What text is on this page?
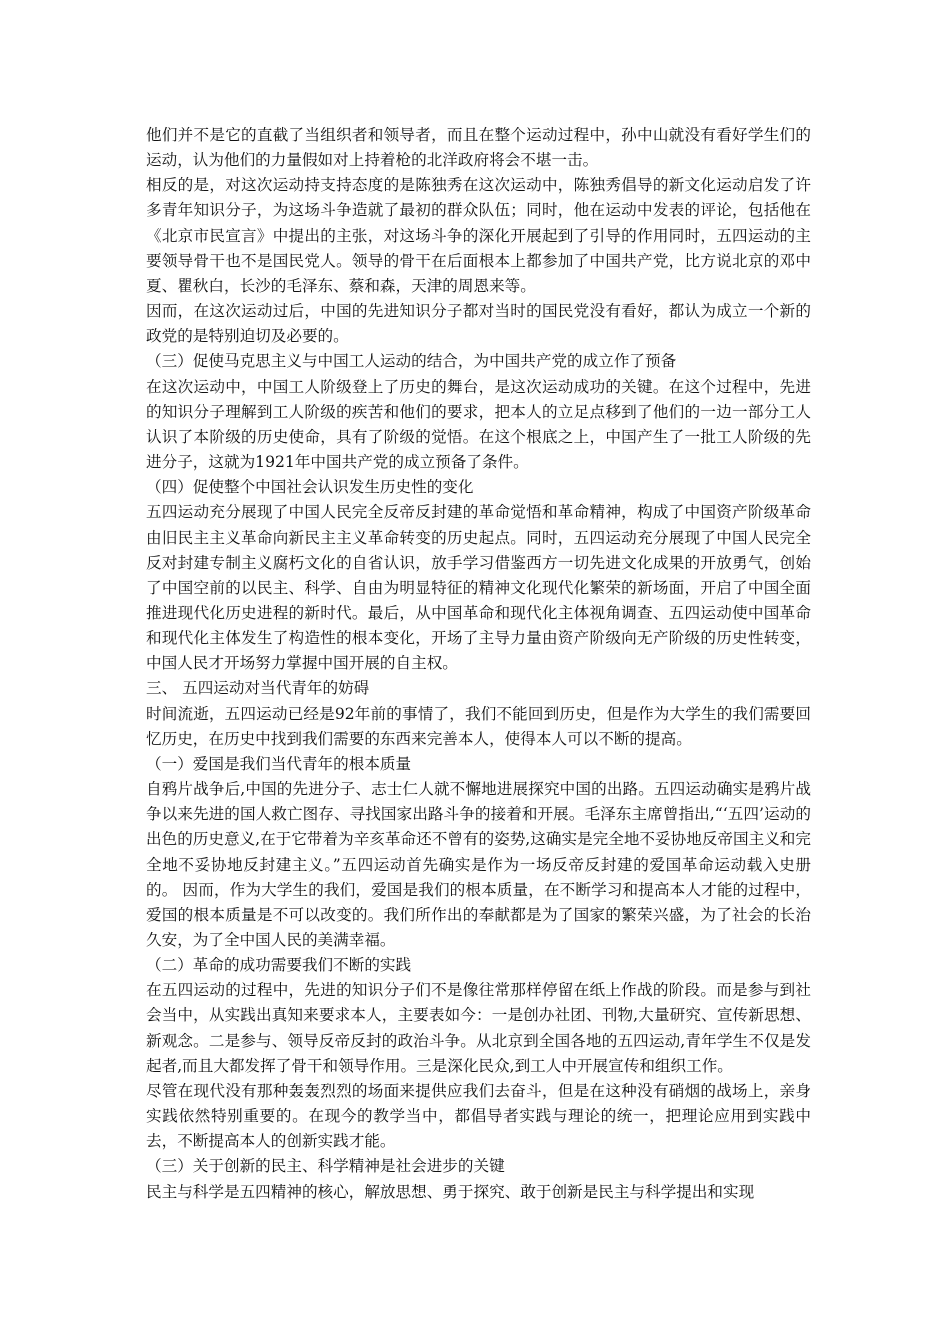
他们并不是它的直截了当组织者和领导者，而且在整个运动过程中，孙中山就没有看好学生们的运动，认为他们的力量假如对上持着枪的北洋政府将会不堪一击。

相反的是，对这次运动持支持态度的是陈独秀在这次运动中，陈独秀倡导的新文化运动启发了许多青年知识分子，为这场斗争造就了最初的群众队伍；同时，他在运动中发表的评论，包括他在《北京市民宣言》中提出的主张，对这场斗争的深化开展起到了引导的作用同时，五四运动的主要领导骨干也不是国民党人。领导的骨干在后面根本上都参加了中国共产党，比方说北京的邓中夏、瞿秋白，长沙的毛泽东、蔡和森，天津的周恩来等。

因而，在这次运动过后，中国的先进知识分子都对当时的国民党没有看好，都认为成立一个新的政党的是特别迫切及必要的。

（三）促使马克思主义与中国工人运动的结合，为中国共产党的成立作了预备

在这次运动中，中国工人阶级登上了历史的舞台，是这次运动成功的关键。在这个过程中，先进的知识分子理解到工人阶级的疾苦和他们的要求，把本人的立足点移到了他们的一边一部分工人认识了本阶级的历史使命，具有了阶级的觉悟。在这个根底之上，中国产生了一批工人阶级的先进分子，这就为1921年中国共产党的成立预备了条件。

（四）促使整个中国社会认识发生历史性的变化

五四运动充分展现了中国人民完全反帝反封建的革命觉悟和革命精神，构成了中国资产阶级革命由旧民主主义革命向新民主主义革命转变的历史起点。同时，五四运动充分展现了中国人民完全反对封建专制主义腐朽文化的自省认识，放手学习借鉴西方一切先进文化成果的开放勇气，创始了中国空前的以民主、科学、自由为明显特征的精神文化现代化繁荣的新场面，开启了中国全面推进现代化历史进程的新时代。最后，从中国革命和现代化主体视角调查、五四运动使中国革命和现代化主体发生了构造性的根本变化，开场了主导力量由资产阶级向无产阶级的历史性转变，中国人民才开场努力掌握中国开展的自主权。

三、 五四运动对当代青年的妨碍

时间流逝，五四运动已经是92年前的事情了，我们不能回到历史，但是作为大学生的我们需要回忆历史，在历史中找到我们需要的东西来完善本人，使得本人可以不断的提高。

（一）爱国是我们当代青年的根本质量

自鸦片战争后,中国的先进分子、志士仁人就不懈地进展探究中国的出路。五四运动确实是鸦片战争以来先进的国人救亡图存、寻找国家出路斗争的接着和开展。毛泽东主席曾指出,“‘五四’运动的出色的历史意义,在于它带着为辛亥革命还不曾有的姿势,这确实是完全地不妥协地反帝国主义和完全地不妥协地反封建主义。”五四运动首先确实是作为一场反帝反封建的爱国革命运动载入史册的。 因而，作为大学生的我们，爱国是我们的根本质量，在不断学习和提高本人才能的过程中，爱国的根本质量是不可以改变的。我们所作出的奉献都是为了国家的繁荣兴盛，为了社会的长治久安，为了全中国人民的美满幸福。

（二）革命的成功需要我们不断的实践

在五四运动的过程中，先进的知识分子们不是像往常那样停留在纸上作战的阶段。而是参与到社会当中，从实践出真知来要求本人，主要表如今：一是创办社团、刊物,大量研究、宣传新思想、新观念。二是参与、领导反帝反封的政治斗争。从北京到全国各地的五四运动,青年学生不仅是发起者,而且大都发挥了骨干和领导作用。三是深化民众,到工人中开展宣传和组织工作。

尽管在现代没有那种轰轰烈烈的场面来提供应我们去奋斗，但是在这种没有硝烟的战场上，亲身实践依然特别重要的。在现今的教学当中，都倡导者实践与理论的统一，把理论应用到实践中去，不断提高本人的创新实践才能。

（三）关于创新的民主、科学精神是社会进步的关键

民主与科学是五四精神的核心，解放思想、勇于探究、敢于创新是民主与科学提出和实现
